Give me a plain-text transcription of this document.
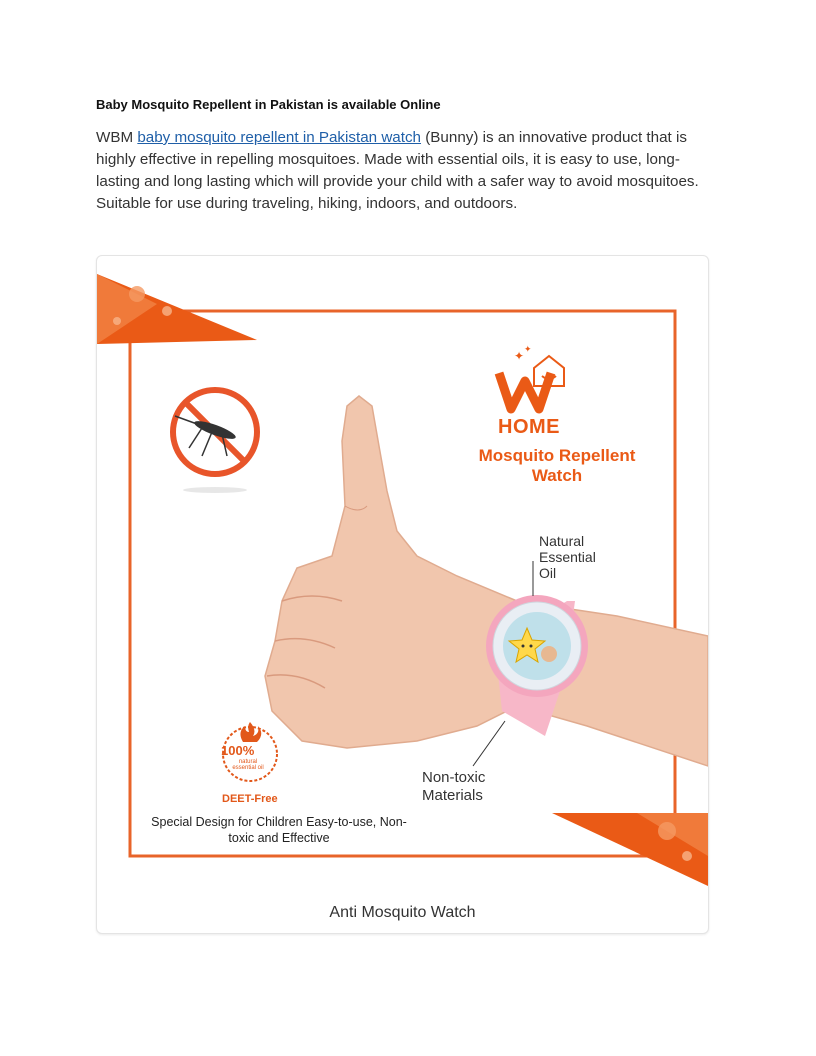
Baby Mosquito Repellent in Pakistan is available Online
WBM baby mosquito repellent in Pakistan watch (Bunny) is an innovative product that is highly effective in repelling mosquitoes. Made with essential oils, it is easy to use, long-lasting and long lasting which will provide your child with a safer way to avoid mosquitoes. Suitable for use during traveling, hiking, indoors, and outdoors.
✦ ✦
HOME
Mosquito Repellent Watch
Natural Essential Oil
Non-toxic Materials
100%
natural essential oil
DEET-Free
Special Design for Children Easy-to-use, Non-toxic and Effective
Anti Mosquito Watch
